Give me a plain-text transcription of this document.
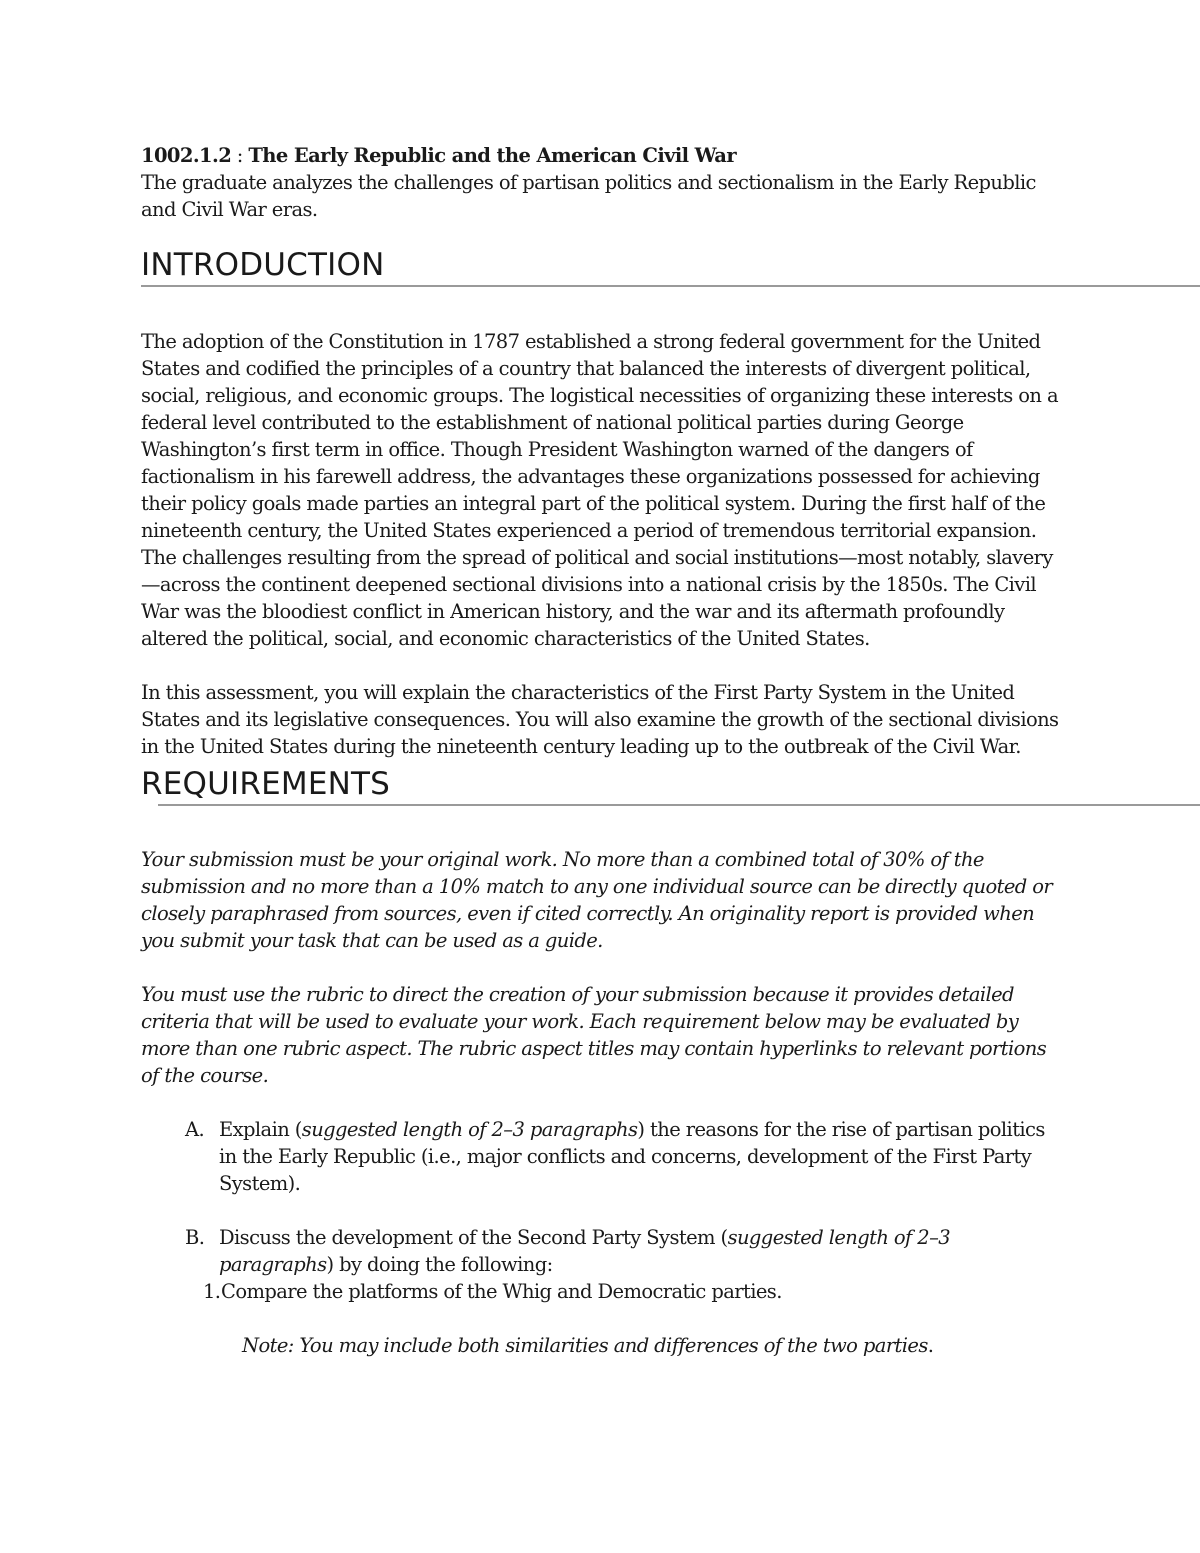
1002.1.2 : The Early Republic and the American Civil War

The graduate analyzes the challenges of partisan politics and sectionalism in the Early Republic and Civil War eras.

INTRODUCTION

The adoption of the Constitution in 1787 established a strong federal government for the United States and codified the principles of a country that balanced the interests of divergent political, social, religious, and economic groups. The logistical necessities of organizing these interests on a federal level contributed to the establishment of national political parties during George Washington’s first term in office. Though President Washington warned of the dangers of factionalism in his farewell address, the advantages these organizations possessed for achieving their policy goals made parties an integral part of the political system. During the first half of the nineteenth century, the United States experienced a period of tremendous territorial expansion. The challenges resulting from the spread of political and social institutions—most notably, slavery—across the continent deepened sectional divisions into a national crisis by the 1850s. The Civil War was the bloodiest conflict in American history, and the war and its aftermath profoundly altered the political, social, and economic characteristics of the United States.

In this assessment, you will explain the characteristics of the First Party System in the United States and its legislative consequences. You will also examine the growth of the sectional divisions in the United States during the nineteenth century leading up to the outbreak of the Civil War.

REQUIREMENTS

Your submission must be your original work. No more than a combined total of 30% of the submission and no more than a 10% match to any one individual source can be directly quoted or closely paraphrased from sources, even if cited correctly. An originality report is provided when you submit your task that can be used as a guide.

You must use the rubric to direct the creation of your submission because it provides detailed criteria that will be used to evaluate your work. Each requirement below may be evaluated by more than one rubric aspect. The rubric aspect titles may contain hyperlinks to relevant portions of the course.

A. Explain (suggested length of 2–3 paragraphs) the reasons for the rise of partisan politics in the Early Republic (i.e., major conflicts and concerns, development of the First Party System).
B. Discuss the development of the Second Party System (suggested length of 2–3 paragraphs) by doing the following:
1. Compare the platforms of the Whig and Democratic parties.

Note: You may include both similarities and differences of the two parties.
